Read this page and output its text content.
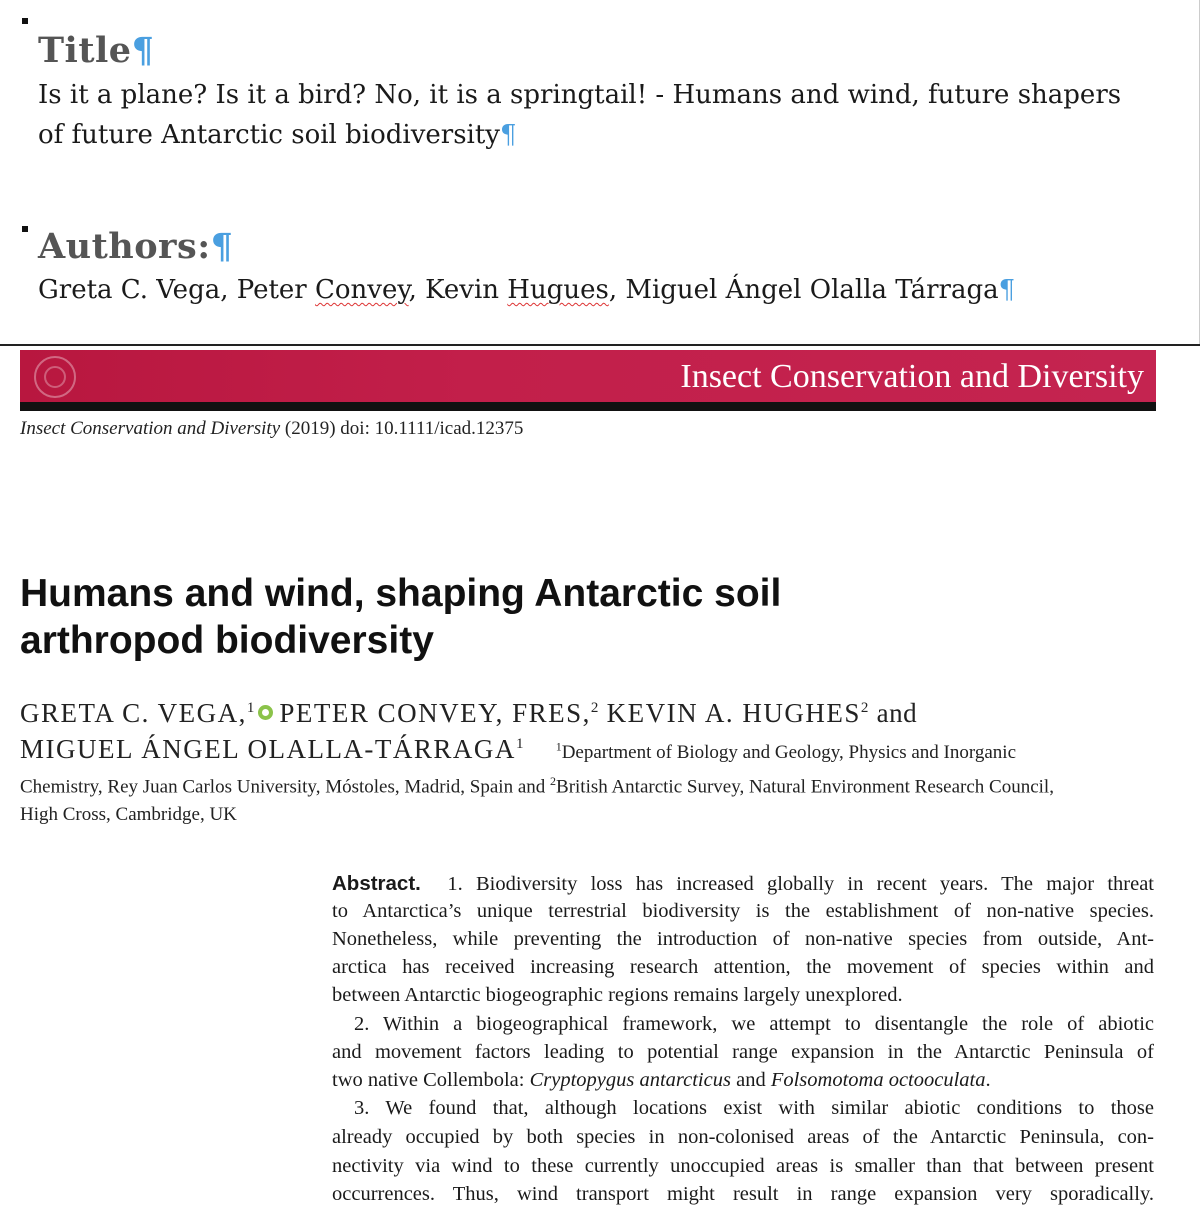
Title¶
Is it a plane? Is it a bird? No, it is a springtail! - Humans and wind, future shapers
of future Antarctic soil biodiversity¶
Authors:¶
Greta C. Vega, Peter Convey, Kevin Hugues, Miguel Ángel Olalla Tárraga¶
Insect Conservation and Diversity
Insect Conservation and Diversity (2019) doi: 10.1111/icad.12375
Humans and wind, shaping Antarctic soil
arthropod biodiversity
GRETA C. VEGA,$^1$ PETER CONVEY, FRES,$^2$ KEVIN A. HUGHES$^2$ and
MIGUEL ÁNGEL OLALLA-TÁRRAGA$^1$	$^1$Department of Biology and Geology, Physics and Inorganic
Chemistry, Rey Juan Carlos University, Móstoles, Madrid, Spain and $^2$British Antarctic Survey, Natural Environment Research Council,
High Cross, Cambridge, UK
Abstract. 1. Biodiversity loss has increased globally in recent years. The major threat
to Antarctica’s unique terrestrial biodiversity is the establishment of non-native species.
Nonetheless, while preventing the introduction of non-native species from outside, Ant-
arctica has received increasing research attention, the movement of species within and
between Antarctic biogeographic regions remains largely unexplored.
2. Within a biogeographical framework, we attempt to disentangle the role of abiotic
and movement factors leading to potential range expansion in the Antarctic Peninsula of
two native Collembola: Cryptopygus antarcticus and Folsomotoma octooculata.
3. We found that, although locations exist with similar abiotic conditions to those
already occupied by both species in non-colonised areas of the Antarctic Peninsula, con-
nectivity via wind to these currently unoccupied areas is smaller than that between present
occurrences. Thus, wind transport might result in range expansion very sporadically.
